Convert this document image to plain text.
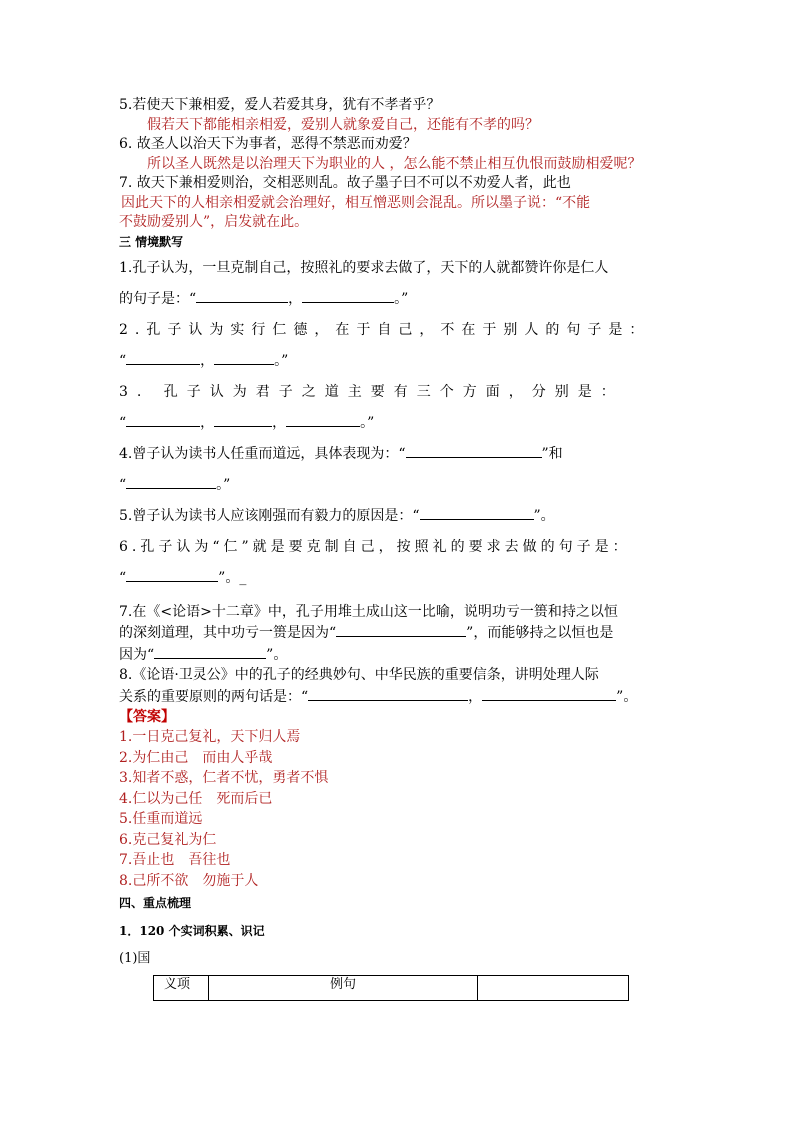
5.若使天下兼相爱，爱人若爱其身，犹有不孝者乎？
假若天下都能相亲相爱，爱别人就象爱自己，还能有不孝的吗？
6. 故圣人以治天下为事者，恶得不禁恶而劝爱？
所以圣人既然是以治理天下为职业的人 ，怎么能不禁止相互仇恨而鼓励相爱呢？
7. 故天下兼相爱则治，交相恶则乱。故子墨子曰不可以不劝爱人者，此也
因此天下的人相亲相爱就会治理好，相互憎恶则会混乱。所以墨子说：“不能
不鼓励爱别人”，启发就在此。
三 情境默写
1.孔子认为，一旦克制自己，按照礼的要求去做了，天下的人就都赞许你是仁人
的句子是：“	，	。”
2.孔子认为实行仁德，在于自己，不在于别人的句子是：
“	，	。”
3. 孔子认为君子之道主要有三个方面，分别是：
“	，	，	。”
4.曾子认为读书人任重而道远，具体表现为：“	”和
“	。”
5.曾子认为读书人应该刚强而有毅力的原因是：“	”。
6.孔子认为“仁”就是要克制自己，按照礼的要求去做的句子是：
“	”。_
7.在《<论语>十二章》中，孔子用堆土成山这一比喻，说明功亏一篑和持之以恒
的深刻道理，其中功亏一篑是因为“	”，而能够持之以恒也是
因为“	”。
8.《论语·卫灵公》中的孔子的经典妙句、中华民族的重要信条，讲明处理人际
关系的重要原则的两句话是：“	，	”。
【答案】
1.一日克己复礼，天下归人焉
2.为仁由己　而由人乎哉
3.知者不惑，仁者不忧，勇者不惧
4.仁以为己任　死而后已
5.任重而道远
6.克己复礼为仁
7.吾止也　吾往也
8.己所不欲　勿施于人
四、重点梳理
1．120 个实词积累、识记
(1)国
义项	例句	
